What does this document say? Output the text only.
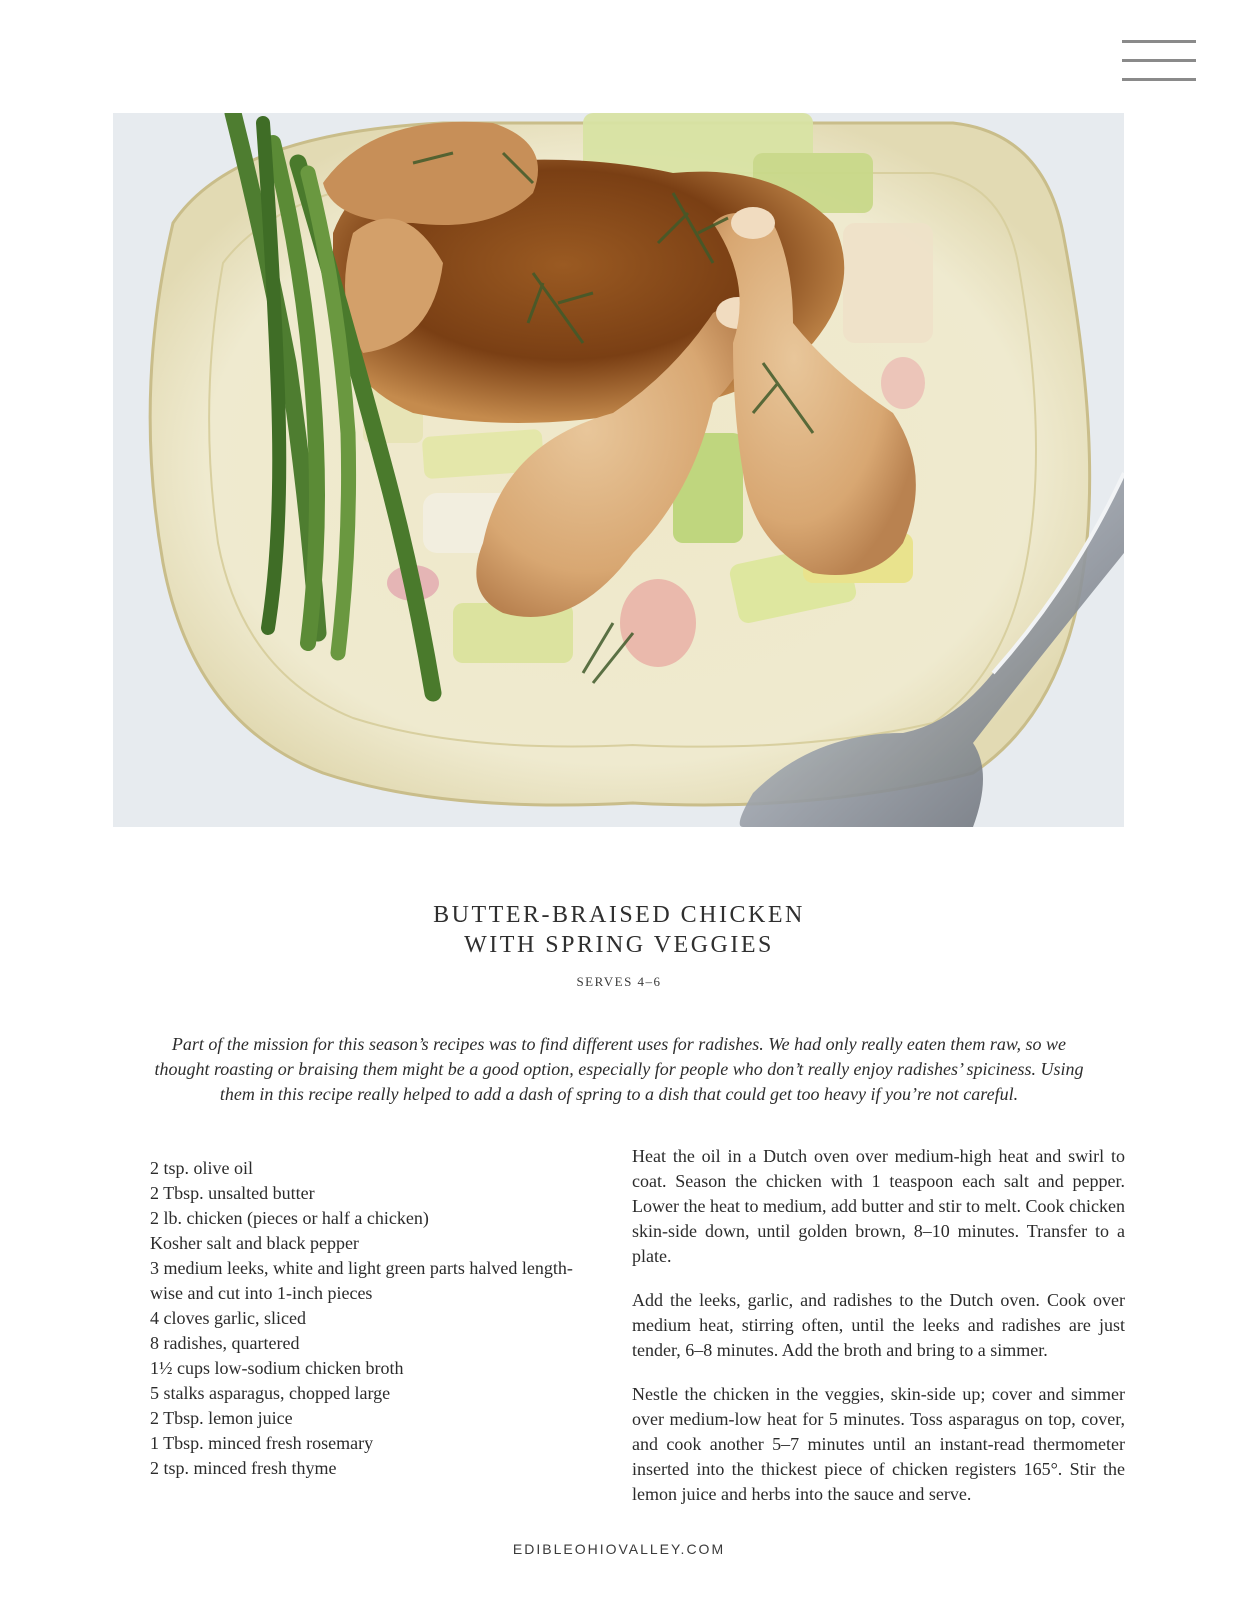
BUTTER-BRAISED CHICKEN
WITH SPRING VEGGIES
SERVES 4–6
Part of the mission for this season’s recipes was to find different uses for radishes. We had only really eaten them raw, so we thought roasting or braising them might be a good option, especially for people who don’t really enjoy radishes’ spiciness. Using them in this recipe really helped to add a dash of spring to a dish that could get too heavy if you’re not careful.
2 tsp. olive oil
2 Tbsp. unsalted butter
2 lb. chicken (pieces or half a chicken)
Kosher salt and black pepper
3 medium leeks, white and light green parts halved length-wise and cut into 1-inch pieces
4 cloves garlic, sliced
8 radishes, quartered
1½ cups low-sodium chicken broth
5 stalks asparagus, chopped large
2 Tbsp. lemon juice
1 Tbsp. minced fresh rosemary
2 tsp. minced fresh thyme

Heat the oil in a Dutch oven over medium-high heat and swirl to coat. Season the chicken with 1 teaspoon each salt and pepper. Lower the heat to medium, add butter and stir to melt. Cook chicken skin-side down, until golden brown, 8–10 minutes. Transfer to a plate.

Add the leeks, garlic, and radishes to the Dutch oven. Cook over medium heat, stirring often, until the leeks and radishes are just tender, 6–8 minutes. Add the broth and bring to a simmer.

Nestle the chicken in the veggies, skin-side up; cover and simmer over medium-low heat for 5 minutes. Toss asparagus on top, cover, and cook another 5–7 minutes until an instant-read thermometer inserted into the thickest piece of chicken registers 165°. Stir the lemon juice and herbs into the sauce and serve.

EDIBLEOHIOVALLEY.COM
